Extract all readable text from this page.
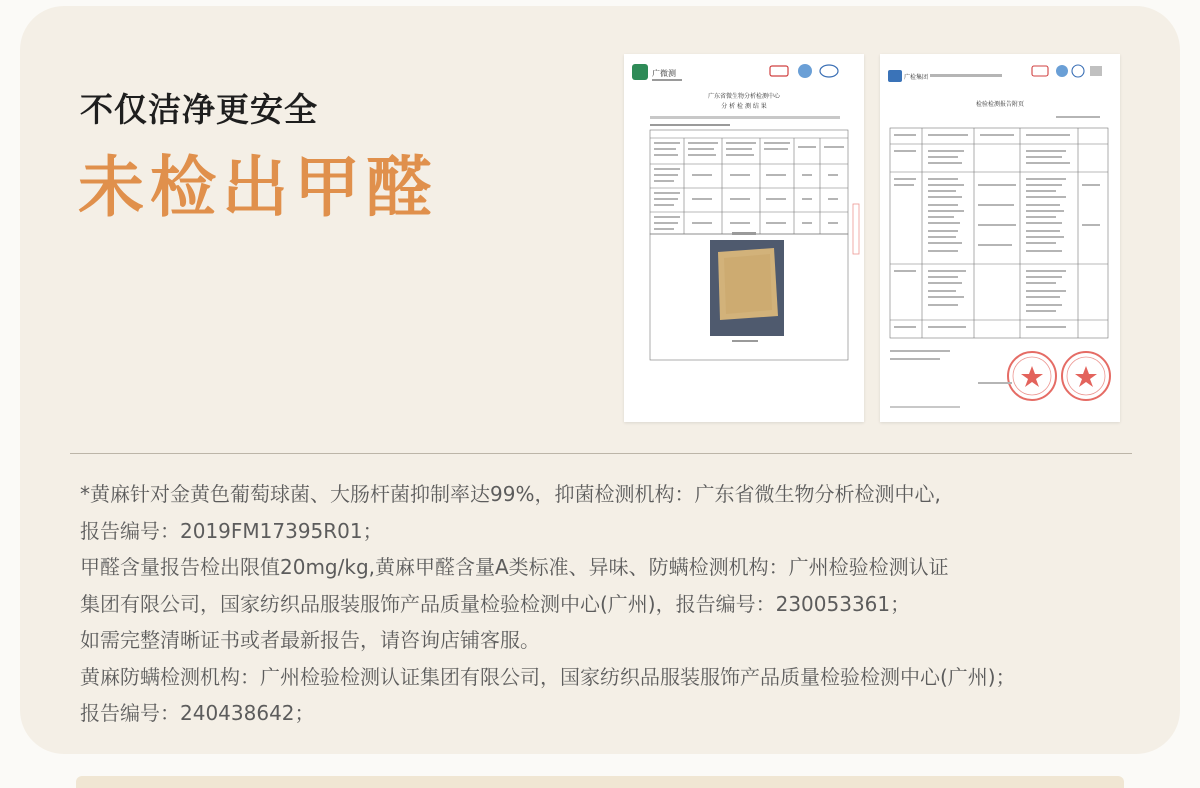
不仅洁净更安全
未检出甲醛
广微测
广东省微生物分析检测中心
分 析 检 测 结 果
广检集团
检验检测报告附页
*黄麻针对金黄色葡萄球菌、大肠杆菌抑制率达99%，抑菌检测机构：广东省微生物分析检测中心,
报告编号：2019FM17395R01；
甲醛含量报告检出限值20mg/kg,黄麻甲醛含量A类标准、异味、防螨检测机构：广州检验检测认证
集团有限公司，国家纺织品服装服饰产品质量检验检测中心(广州)，报告编号：230053361；
如需完整清晰证书或者最新报告，请咨询店铺客服。
黄麻防螨检测机构：广州检验检测认证集团有限公司，国家纺织品服装服饰产品质量检验检测中心(广州)；
报告编号：240438642；
